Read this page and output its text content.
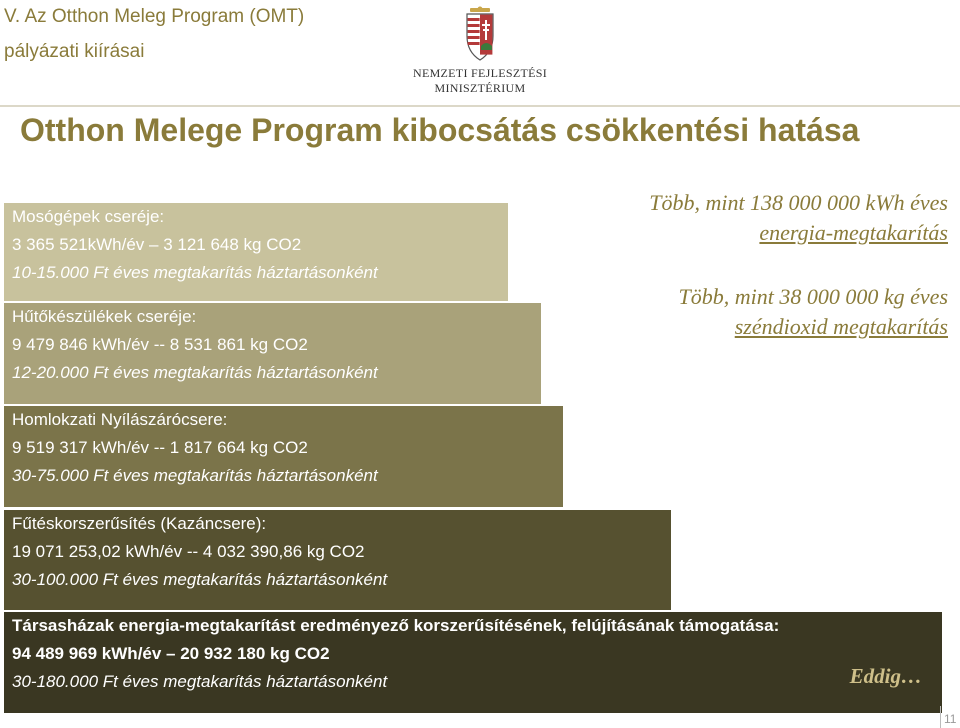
V. Az Otthon Meleg Program (OMT)
pályázati kiírásai
NEMZETI FEJLESZTÉSI
MINISZTÉRIUM
Otthon Melege Program kibocsátás csökkentési hatása
Mosógépek cseréje:
3 365 521kWh/év – 3 121 648 kg CO2
10-15.000 Ft éves megtakarítás háztartásonként
Hűtőkészülékek cseréje:
9 479 846 kWh/év -- 8 531 861 kg CO2
12-20.000 Ft éves megtakarítás háztartásonként
Homlokzati Nyílászárócsere:
9 519 317 kWh/év -- 1 817 664 kg CO2
30-75.000 Ft éves megtakarítás háztartásonként
Fűtéskorszerűsítés (Kazáncsere):
19 071 253,02 kWh/év -- 4 032 390,86 kg CO2
30-100.000 Ft éves megtakarítás háztartásonként
Társasházak energia-megtakarítást eredményező korszerűsítésének, felújításának támogatása:
94 489 969 kWh/év – 20 932 180 kg CO2
30-180.000 Ft éves megtakarítás háztartásonként	Eddig…
Több, mint 138 000 000 kWh éves
energia-megtakarítás
Több, mint 38 000 000 kg éves
széndioxid megtakarítás
11
